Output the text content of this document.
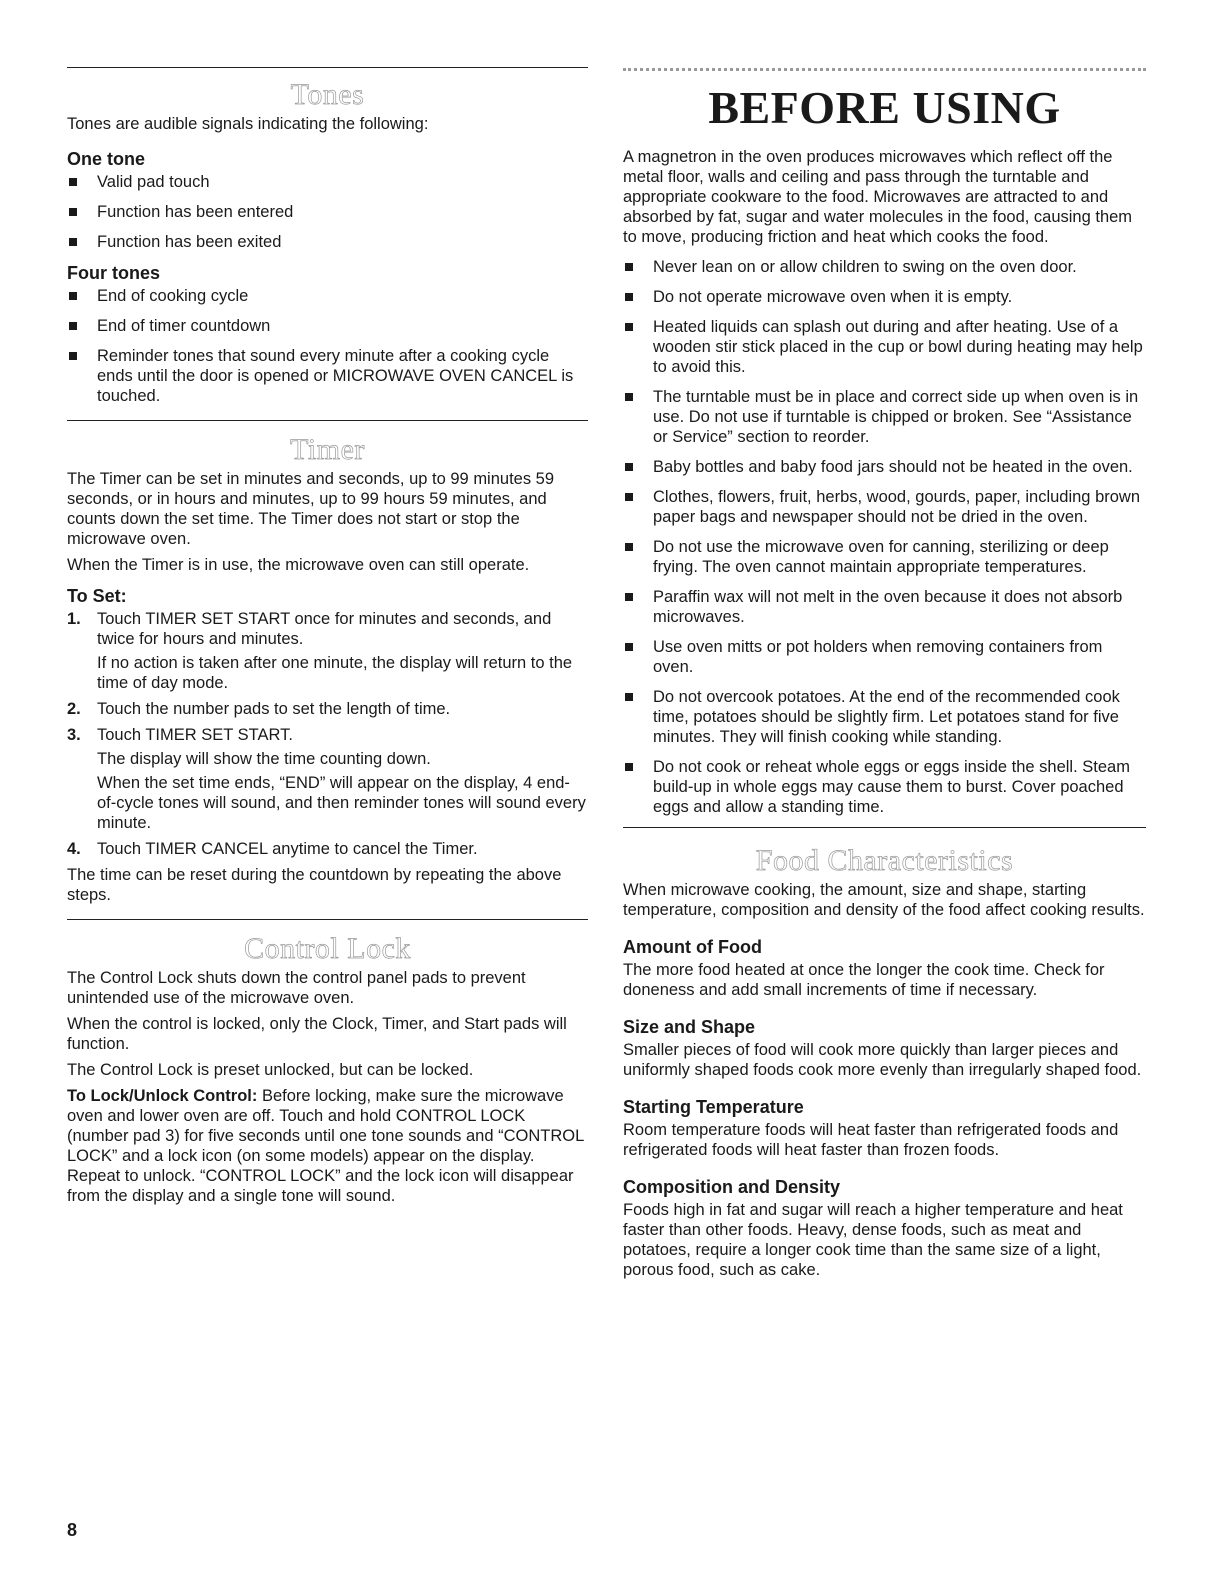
Tones

Tones are audible signals indicating the following:

One tone
Valid pad touch
Function has been entered
Function has been exited
Four tones
End of cooking cycle
End of timer countdown
Reminder tones that sound every minute after a cooking cycle ends until the door is opened or MICROWAVE OVEN CANCEL is touched.
Timer

The Timer can be set in minutes and seconds, up to 99 minutes 59 seconds, or in hours and minutes, up to 99 hours 59 minutes, and counts down the set time. The Timer does not start or stop the microwave oven.

When the Timer is in use, the microwave oven can still operate.

To Set:
1. Touch TIMER SET START once for minutes and seconds, and twice for hours and minutes.

If no action is taken after one minute, the display will return to the time of day mode.

2. Touch the number pads to set the length of time.
3. Touch TIMER SET START.

The display will show the time counting down.

When the set time ends, “END” will appear on the display, 4 end-of-cycle tones will sound, and then reminder tones will sound every minute.

4. Touch TIMER CANCEL anytime to cancel the Timer.

The time can be reset during the countdown by repeating the above steps.

Control Lock

The Control Lock shuts down the control panel pads to prevent unintended use of the microwave oven.

When the control is locked, only the Clock, Timer, and Start pads will function.

The Control Lock is preset unlocked, but can be locked.

To Lock/Unlock Control: Before locking, make sure the microwave oven and lower oven are off. Touch and hold CONTROL LOCK (number pad 3) for five seconds until one tone sounds and “CONTROL LOCK” and a lock icon (on some models) appear on the display. Repeat to unlock. “CONTROL LOCK” and the lock icon will disappear from the display and a single tone will sound.

BEFORE USING

A magnetron in the oven produces microwaves which reflect off the metal floor, walls and ceiling and pass through the turntable and appropriate cookware to the food. Microwaves are attracted to and absorbed by fat, sugar and water molecules in the food, causing them to move, producing friction and heat which cooks the food.

Never lean on or allow children to swing on the oven door.
Do not operate microwave oven when it is empty.
Heated liquids can splash out during and after heating. Use of a wooden stir stick placed in the cup or bowl during heating may help to avoid this.
The turntable must be in place and correct side up when oven is in use. Do not use if turntable is chipped or broken. See “Assistance or Service” section to reorder.
Baby bottles and baby food jars should not be heated in the oven.
Clothes, flowers, fruit, herbs, wood, gourds, paper, including brown paper bags and newspaper should not be dried in the oven.
Do not use the microwave oven for canning, sterilizing or deep frying. The oven cannot maintain appropriate temperatures.
Paraffin wax will not melt in the oven because it does not absorb microwaves.
Use oven mitts or pot holders when removing containers from oven.
Do not overcook potatoes. At the end of the recommended cook time, potatoes should be slightly firm. Let potatoes stand for five minutes. They will finish cooking while standing.
Do not cook or reheat whole eggs or eggs inside the shell. Steam build-up in whole eggs may cause them to burst. Cover poached eggs and allow a standing time.
Food Characteristics

When microwave cooking, the amount, size and shape, starting temperature, composition and density of the food affect cooking results.

Amount of Food

The more food heated at once the longer the cook time. Check for doneness and add small increments of time if necessary.

Size and Shape

Smaller pieces of food will cook more quickly than larger pieces and uniformly shaped foods cook more evenly than irregularly shaped food.

Starting Temperature

Room temperature foods will heat faster than refrigerated foods and refrigerated foods will heat faster than frozen foods.

Composition and Density

Foods high in fat and sugar will reach a higher temperature and heat faster than other foods. Heavy, dense foods, such as meat and potatoes, require a longer cook time than the same size of a light, porous food, such as cake.

8
